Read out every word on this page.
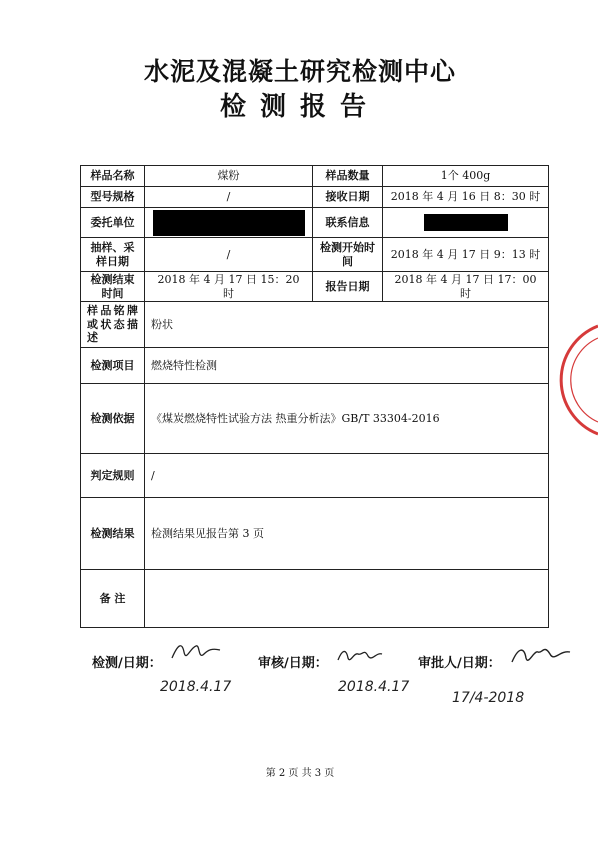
水泥及混凝土研究检测中心
检测报告
样品名称	煤粉	样品数量	1个 400g
型号规格	/	接收日期	2018 年 4 月 16 日 8：30 时
委托单位		联系信息	
抽样、采样日期	/	检测开始时间	2018 年 4 月 17 日 9：13 时
检测结束时间	2018 年 4 月 17 日 15：20 时	报告日期	2018 年 4 月 17 日 17：00 时

样品铭牌或状态描述	粉状		
检测项目	燃烧特性检测		
检测依据	《煤炭燃烧特性试验方法 热重分析法》GB/T 33304-2016		
判定规则	/		
检测结果	检测结果见报告第 3 页		
备 注			
检测/日期：
2018.4.17
审核/日期：
2018.4.17
审批人/日期：
17/4-2018
第 2 页 共 3 页
